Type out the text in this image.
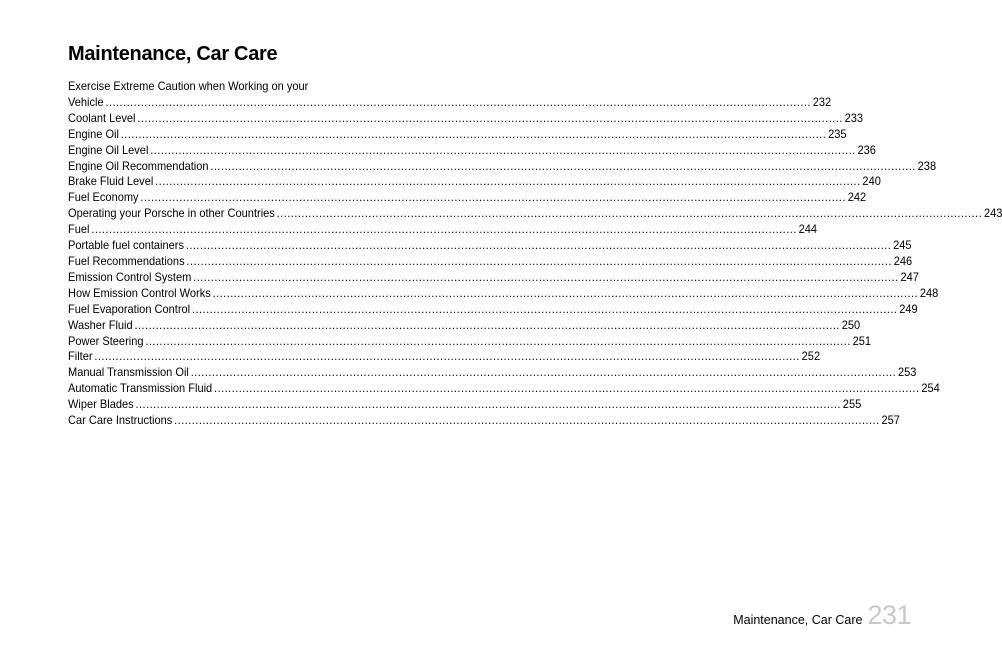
Maintenance, Car Care
Exercise Extreme Caution when Working on your
Vehicle ........................................................................................................................................................................................................ 232
Coolant Level ........................................................................................................................................................................................................ 233
Engine Oil ........................................................................................................................................................................................................ 235
Engine Oil Level ........................................................................................................................................................................................................ 236
Engine Oil Recommendation ........................................................................................................................................................................................................ 238
Brake Fluid Level ........................................................................................................................................................................................................ 240
Fuel Economy ........................................................................................................................................................................................................ 242
Operating your Porsche in other Countries ........................................................................................................................................................................................................ 243
Fuel ........................................................................................................................................................................................................ 244
Portable fuel containers ........................................................................................................................................................................................................ 245
Fuel Recommendations ........................................................................................................................................................................................................ 246
Emission Control System ........................................................................................................................................................................................................ 247
How Emission Control Works ........................................................................................................................................................................................................ 248
Fuel Evaporation Control ........................................................................................................................................................................................................ 249
Washer Fluid ........................................................................................................................................................................................................ 250
Power Steering ........................................................................................................................................................................................................ 251
Filter ........................................................................................................................................................................................................ 252
Manual Transmission Oil ........................................................................................................................................................................................................ 253
Automatic Transmission Fluid ........................................................................................................................................................................................................ 254
Wiper Blades ........................................................................................................................................................................................................ 255
Car Care Instructions ........................................................................................................................................................................................................ 257
Maintenance, Car Care 231
